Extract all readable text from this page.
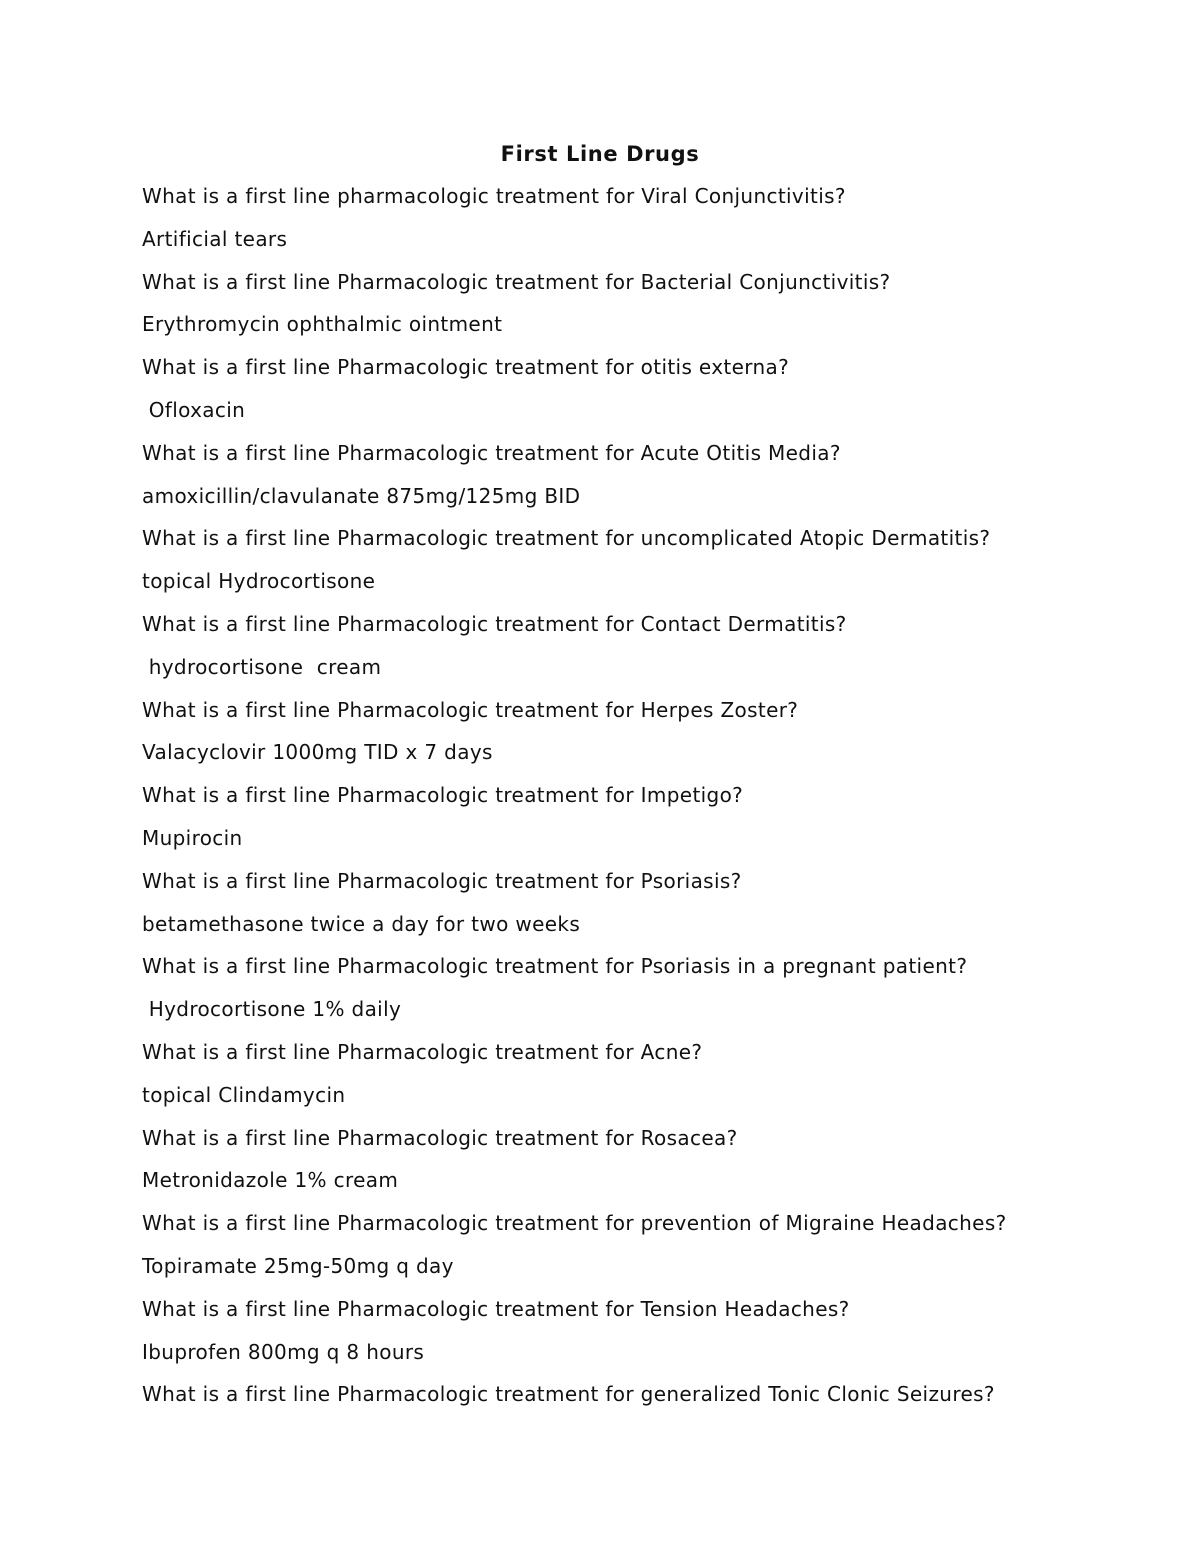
First Line Drugs
What is a first line pharmacologic treatment for Viral Conjunctivitis?
Artificial tears
What is a first line Pharmacologic treatment for Bacterial Conjunctivitis?
Erythromycin ophthalmic ointment
What is a first line Pharmacologic treatment for otitis externa?
Ofloxacin
What is a first line Pharmacologic treatment for Acute Otitis Media?
amoxicillin/clavulanate 875mg/125mg BID
What is a first line Pharmacologic treatment for uncomplicated Atopic Dermatitis?
topical Hydrocortisone
What is a first line Pharmacologic treatment for Contact Dermatitis?
hydrocortisone  cream
What is a first line Pharmacologic treatment for Herpes Zoster?
Valacyclovir 1000mg TID x 7 days
What is a first line Pharmacologic treatment for Impetigo?
Mupirocin
What is a first line Pharmacologic treatment for Psoriasis?
betamethasone twice a day for two weeks
What is a first line Pharmacologic treatment for Psoriasis in a pregnant patient?
Hydrocortisone 1% daily
What is a first line Pharmacologic treatment for Acne?
topical Clindamycin
What is a first line Pharmacologic treatment for Rosacea?
Metronidazole 1% cream
What is a first line Pharmacologic treatment for prevention of Migraine Headaches?
Topiramate 25mg-50mg q day
What is a first line Pharmacologic treatment for Tension Headaches?
Ibuprofen 800mg q 8 hours
What is a first line Pharmacologic treatment for generalized Tonic Clonic Seizures?
